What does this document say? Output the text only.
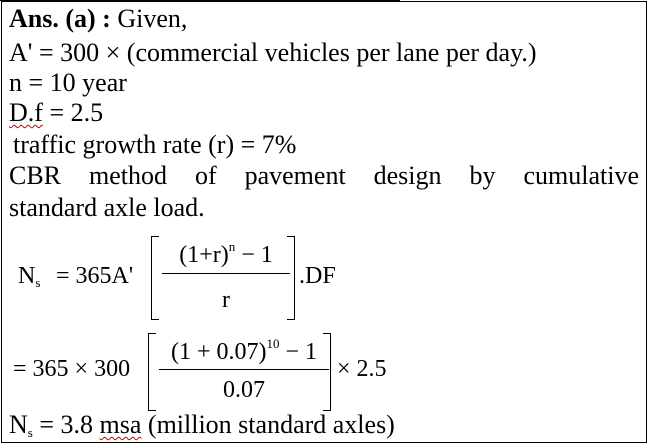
Ans. (a) : Given,
A' = 300 × (commercial vehicles per lane per day.)
n = 10 year
D.f = 2.5
traffic growth rate (r) = 7%
CBR method of pavement design by cumulative
standard axle load.
$N_s = 365A'$
$(1+r)^n - 1$
r
.DF
= 365 × 300
$(1 + 0.07)^{10} - 1$
0.07
× 2.5
$N_s = 3.8$ msa (million standard axles)
